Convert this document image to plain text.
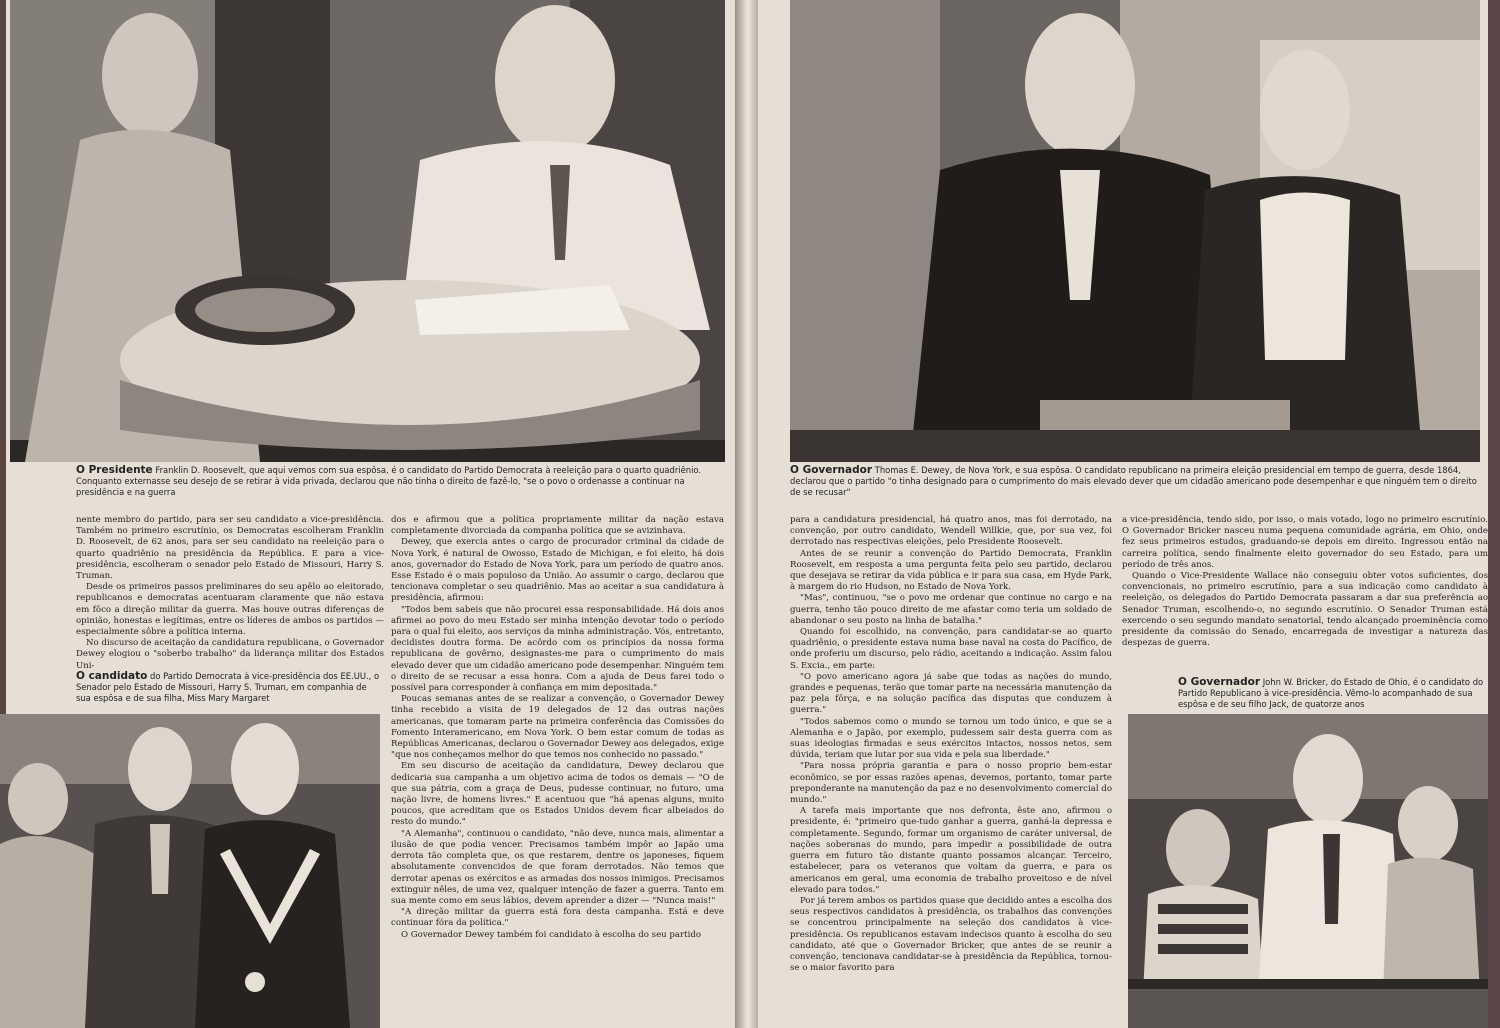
O Presidente Franklin D. Roosevelt, que aqui vemos com sua espôsa, é o candidato do Partido Democrata à reeleição para o quarto quadriênio. Conquanto externasse seu desejo de se retirar à vida privada, declarou que não tinha o direito de fazê-lo, "se o povo o ordenasse a continuar na presidência e na guerra

nente membro do partido, para ser seu candidato a vice-presidência. Também no primeiro escrutínio, os Democratas escolheram Franklin D. Roosevelt, de 62 anos, para ser seu candidato na reeleição para o quarto quadriênio na presidência da República. E para a vice-presidência, escolheram o senador pelo Estado de Missouri, Harry S. Truman.

Desde os primeiros passos preliminares do seu apêlo ao eleitorado, republicanos e democratas acentuaram claramente que não estava em fôco a direção militar da guerra. Mas houve outras diferenças de opinião, honestas e legítimas, entre os líderes de ambos os partidos — especialmente sôbre a política interna.

No discurso de aceitação da candidatura republicana, o Governador Dewey elogiou o "soberbo trabalho" da liderança militar dos Estados Uni-

O candidato do Partido Democrata à vice-presidência dos EE.UU., o Senador pelo Estado de Missouri, Harry S. Truman, em companhia de sua espôsa e de sua filha, Miss Mary Margaret

dos e afirmou que a política propriamente militar da nação estava completamente divorciada da companha política que se avizinhava.

Dewey, que exercia antes o cargo de procurador criminal da cidade de Nova York, é natural de Owosso, Estado de Michigan, e foi eleito, há dois anos, governador do Estado de Nova York, para um período de quatro anos. Esse Estado é o mais populoso da União. Ao assumir o cargo, declarou que tencionava completar o seu quadriênio. Mas ao aceitar a sua candidatura à presidência, afirmou:

"Todos bem sabeis que não procurei essa responsabilidade. Há dois anos afirmei ao povo do meu Estado ser minha intenção devotar todo o período para o qual fui eleito, aos serviços da minha administração. Vós, entretanto, decidistes doutra forma. De acôrdo com os princípios da nossa forma republicana de govêrno, designastes-me para o cumprimento do mais elevado dever que um cidadão americano pode desempenhar. Ninguém tem o direito de se recusar a essa honra. Com a ajuda de Deus farei todo o possível para corresponder à confiança em mim depositada."

Poucas semanas antes de se realizar a convenção, o Governador Dewey tinha recebido a visita de 19 delegados de 12 das outras nações americanas, que tomaram parte na primeira conferência das Comissões do Fomento Interamericano, em Nova York. O bem estar comum de todas as Repúblicas Americanas, declarou o Governador Dewey aos delegados, exige "que nos conheçamos melhor do que temos nos conhecido no passado."

Em seu discurso de aceitação da candidatura, Dewey declarou que dedicaria sua campanha a um objetivo acima de todos os demais — "O de que sua pátria, com a graça de Deus, pudesse continuar, no futuro, uma nação livre, de homens livres." E acentuou que "há apenas alguns, muito poucos, que acreditam que os Estados Unidos devem ficar albeiados do resto do mundo."

"A Alemanha", continuou o candidato, "não deve, nunca mais, alimentar a ilusão de que podia vencer. Precisamos também impôr ao Japão uma derrota tão completa que, os que restarem, dentre os japoneses, fiquem absolutamente convencidos de que foram derrotados. Não temos que derrotar apenas os exércitos e as armadas dos nossos inimigos. Precisamos extinguir nêles, de uma vez, qualquer intenção de fazer a guerra. Tanto em sua mente como em seus lábios, devem aprender a dizer — "Nunca mais!"

"A direção militar da guerra está fora desta campanha. Está e deve continuar fóra da política."

O Governador Dewey também foi candidato à escolha do seu partido

O Governador Thomas E. Dewey, de Nova York, e sua espôsa. O candidato republicano na primeira eleição presidencial em tempo de guerra, desde 1864, declarou que o partido "o tinha designado para o cumprimento do mais elevado dever que um cidadão americano pode desempenhar e que ninguém tem o direito de se recusar"

para a candidatura presidencial, há quatro anos, mas foi derrotado, na convenção, por outro candidato, Wendell Willkie, que, por sua vez, foi derrotado nas respectivas eleições, pelo Presidente Roosevelt.

Antes de se reunir a convenção do Partido Democrata, Franklin Roosevelt, em resposta a uma pergunta feita pelo seu partido, declarou que desejava se retirar da vida pública e ir para sua casa, em Hyde Park, à margem do rio Hudson, no Estado de Nova York.

"Mas", continuou, "se o povo me ordenar que continue no cargo e na guerra, tenho tão pouco direito de me afastar como teria um soldado de abandonar o seu posto na linha de batalha."

Quando foi escolhido, na convenção, para candidatar-se ao quarto quadriênio, o presidente estava numa base naval na costa do Pacífico, de onde proferiu um discurso, pelo rádio, aceitando a indicação. Assim falou S. Excia., em parte:

"O povo americano agora já sabe que todas as nações do mundo, grandes e pequenas, terão que tomar parte na necessária manutenção da paz pela fôrça, e na solução pacífica das disputas que conduzem à guerra."

"Todos sabemos como o mundo se tornou um todo único, e que se a Alemanha e o Japão, por exemplo, pudessem sair desta guerra com as suas ideologias firmadas e seus exércitos intactos, nossos netos, sem dúvida, teriam que lutar por sua vida e pela sua liberdade."

"Para nossa própria garantia e para o nosso proprio bem-estar econômico, se por essas razões apenas, devemos, portanto, tomar parte preponderante na manutenção da paz e no desenvolvimento comercial do mundo."

A tarefa mais importante que nos defronta, êste ano, afirmou o presidente, é: "primeiro que-tudo ganhar a guerra, ganhá-la depressa e completamente. Segundo, formar um organismo de caráter universal, de nações soberanas do mundo, para impedir a possibilidade de outra guerra em futuro tão distante quanto possamos alcançar. Terceiro, estabelecer, para os veteranos que voltam da guerra, e para os americanos em geral, uma economia de trabalho proveitoso e de nível elevado para todos."

Por já terem ambos os partidos quase que decidido antes a escolha dos seus respectivos candidatos à presidência, os trabalhos das convenções se concentrou principalmente na seleção dos candidatos à vice-presidência. Os republicanos estavam indecisos quanto à escolha do seu candidato, até que o Governador Bricker, que antes de se reunir a convenção, tencionava candidatar-se à presidência da República, tornou-se o maior favorito para

a vice-presidência, tendo sido, por isso, o mais votado, logo no primeiro escrutínio. O Governador Bricker nasceu numa pequena comunidade agrária, em Ohio, onde fez seus primeiros estudos, graduando-se depois em direito. Ingressou então na carreira política, sendo finalmente eleito governador do seu Estado, para um período de três anos.

Quando o Vice-Presidente Wallace não conseguiu obter votos suficientes, dos convencionais, no primeiro escrutínio, para a sua indicação como candidato à reeleição, os delegados do Partido Democrata passaram a dar sua preferência ao Senador Truman, escolhendo-o, no segundo escrutínio. O Senador Truman está exercendo o seu segundo mandato senatorial, tendo alcançado proeminência como presidente da comissão do Senado, encarregada de investigar a natureza das despezas de guerra.

O Governador John W. Bricker, do Estado de Ohio, é o candidato do Partido Republicano à vice-presidência. Vêmo-lo acompanhado de sua espôsa e de seu filho Jack, de quatorze anos
